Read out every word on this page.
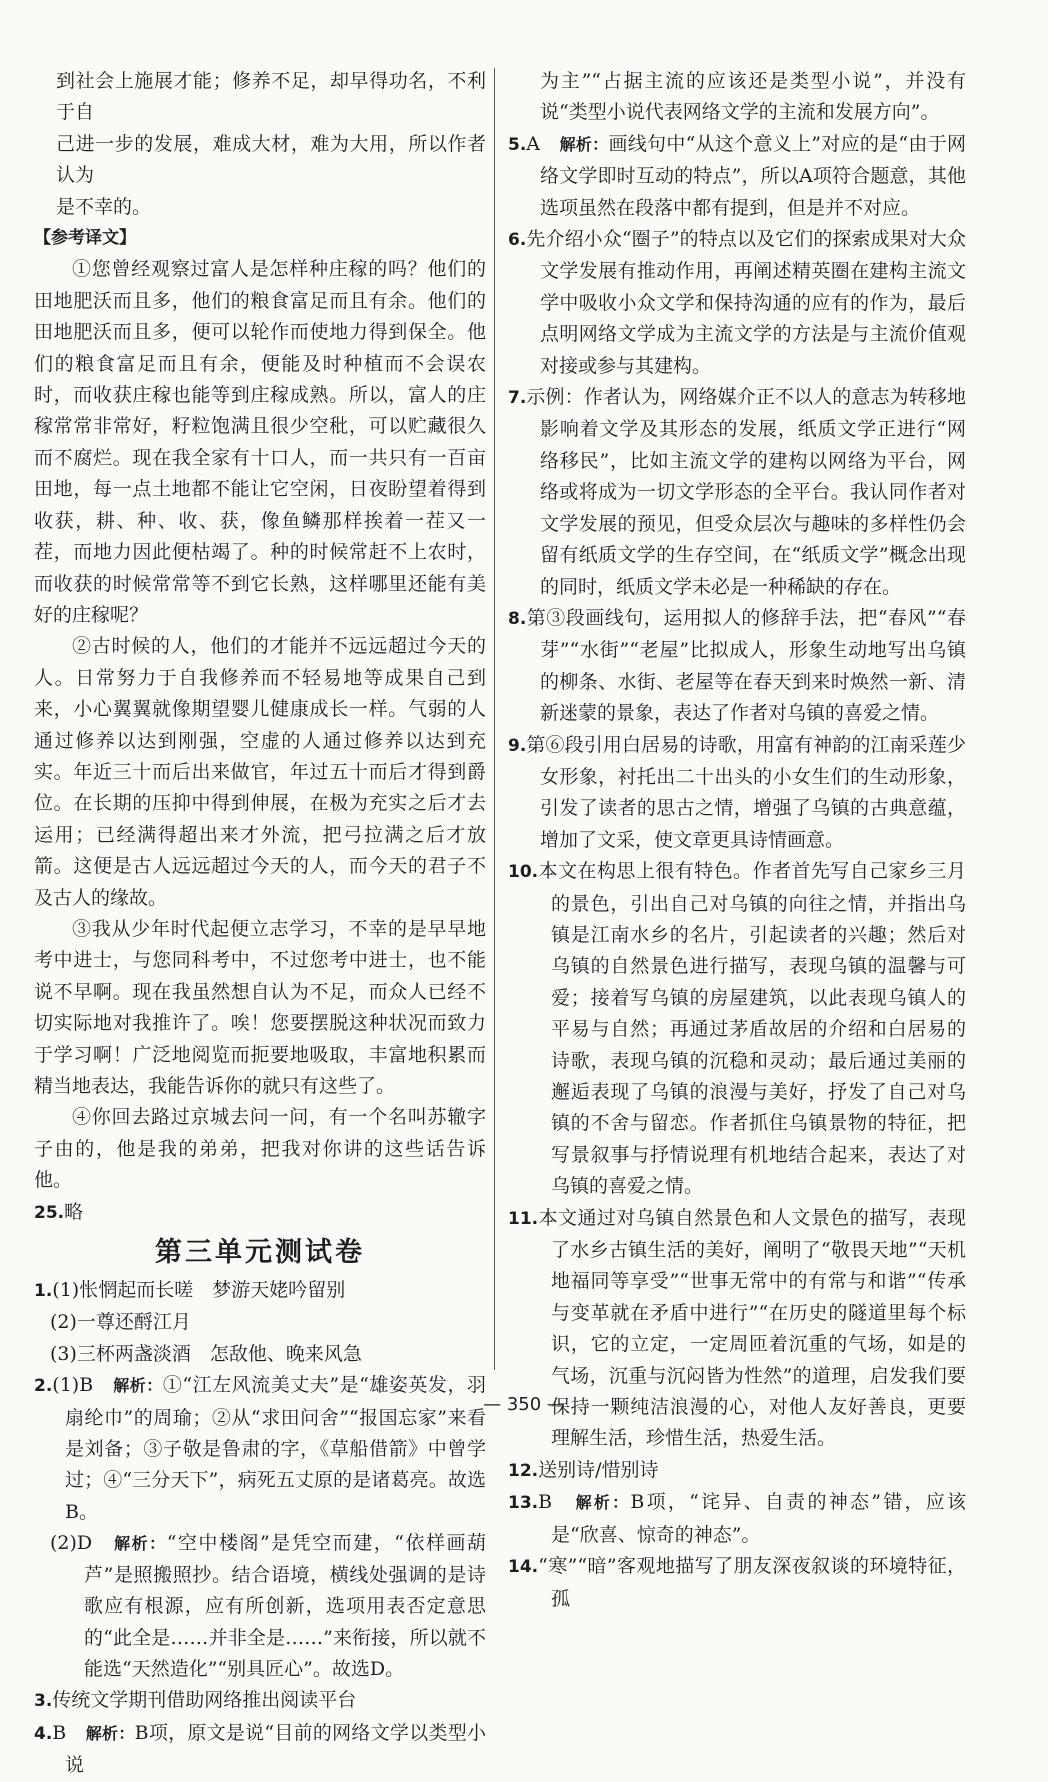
到社会上施展才能；修养不足，却早得功名，不利于自

己进一步的发展，难成大材，难为大用，所以作者认为

是不幸的。

【参考译文】

①您曾经观察过富人是怎样种庄稼的吗？他们的田地肥沃而且多，他们的粮食富足而且有余。他们的田地肥沃而且多，便可以轮作而使地力得到保全。他们的粮食富足而且有余，便能及时种植而不会误农时，而收获庄稼也能等到庄稼成熟。所以，富人的庄稼常常非常好，籽粒饱满且很少空秕，可以贮藏很久而不腐烂。现在我全家有十口人，而一共只有一百亩田地，每一点土地都不能让它空闲，日夜盼望着得到收获，耕、种、收、获，像鱼鳞那样挨着一茬又一茬，而地力因此便枯竭了。种的时候常赶不上农时，而收获的时候常常等不到它长熟，这样哪里还能有美好的庄稼呢？

②古时候的人，他们的才能并不远远超过今天的人。日常努力于自我修养而不轻易地等成果自己到来，小心翼翼就像期望婴儿健康成长一样。气弱的人通过修养以达到刚强，空虚的人通过修养以达到充实。年近三十而后出来做官，年过五十而后才得到爵位。在长期的压抑中得到伸展，在极为充实之后才去运用；已经满得超出来才外流，把弓拉满之后才放箭。这便是古人远远超过今天的人，而今天的君子不及古人的缘故。

③我从少年时代起便立志学习，不幸的是早早地考中进士，与您同科考中，不过您考中进士，也不能说不早啊。现在我虽然想自认为不足，而众人已经不切实际地对我推许了。唉！您要摆脱这种状况而致力于学习啊！广泛地阅览而扼要地吸取，丰富地积累而精当地表达，我能告诉你的就只有这些了。

④你回去路过京城去问一问，有一个名叫苏辙字子由的，他是我的弟弟，把我对你讲的这些话告诉他。

25.略

第三单元测试卷

1.(1)怅惘起而长嗟　梦游天姥吟留别

(2)一尊还酹江月

(3)三杯两盏淡酒　怎敌他、晚来风急

2.(1)B　 解析：①“江左风流美丈夫”是“雄姿英发，羽扇纶巾”的周瑜；②从“求田问舍”“报国忘家”来看是刘备；③子敬是鲁肃的字，《草船借箭》中曾学过；④“三分天下”，病死五丈原的是诸葛亮。故选B。

(2)D　 解析：“空中楼阁”是凭空而建，“依样画葫芦”是照搬照抄。结合语境，横线处强调的是诗歌应有根源，应有所创新，选项用表否定意思的“此全是……并非全是……”来衔接，所以就不能选“天然造化”“别具匠心”。故选D。

3.传统文学期刊借助网络推出阅读平台

4.B　 解析：B项，原文是说“目前的网络文学以类型小说

为主”“占据主流的应该还是类型小说”，并没有说“类型小说代表网络文学的主流和发展方向”。

5.A　 解析：画线句中“从这个意义上”对应的是“由于网络文学即时互动的特点”，所以A项符合题意，其他选项虽然在段落中都有提到，但是并不对应。

6.先介绍小众“圈子”的特点以及它们的探索成果对大众文学发展有推动作用，再阐述精英圈在建构主流文学中吸收小众文学和保持沟通的应有的作为，最后点明网络文学成为主流文学的方法是与主流价值观对接或参与其建构。

7.示例：作者认为，网络媒介正不以人的意志为转移地影响着文学及其形态的发展，纸质文学正进行“网络移民”，比如主流文学的建构以网络为平台，网络或将成为一切文学形态的全平台。我认同作者对文学发展的预见，但受众层次与趣味的多样性仍会留有纸质文学的生存空间，在“纸质文学”概念出现的同时，纸质文学未必是一种稀缺的存在。

8.第③段画线句，运用拟人的修辞手法，把“春风”“春芽”“水街”“老屋”比拟成人，形象生动地写出乌镇的柳条、水街、老屋等在春天到来时焕然一新、清新迷蒙的景象，表达了作者对乌镇的喜爱之情。

9.第⑥段引用白居易的诗歌，用富有神韵的江南采莲少女形象，衬托出二十出头的小女生们的生动形象，引发了读者的思古之情，增强了乌镇的古典意蕴，增加了文采，使文章更具诗情画意。

10.本文在构思上很有特色。作者首先写自己家乡三月的景色，引出自己对乌镇的向往之情，并指出乌镇是江南水乡的名片，引起读者的兴趣；然后对乌镇的自然景色进行描写，表现乌镇的温馨与可爱；接着写乌镇的房屋建筑，以此表现乌镇人的平易与自然；再通过茅盾故居的介绍和白居易的诗歌，表现乌镇的沉稳和灵动；最后通过美丽的邂逅表现了乌镇的浪漫与美好，抒发了自己对乌镇的不舍与留恋。作者抓住乌镇景物的特征，把写景叙事与抒情说理有机地结合起来，表达了对乌镇的喜爱之情。

11.本文通过对乌镇自然景色和人文景色的描写，表现了水乡古镇生活的美好，阐明了“敬畏天地”“天机地福同等享受”“世事无常中的有常与和谐”“传承与变革就在矛盾中进行”“在历史的隧道里每个标识，它的立定，一定周匝着沉重的气场，如是的气场，沉重与沉闷皆为性然”的道理，启发我们要保持一颗纯洁浪漫的心，对他人友好善良，更要理解生活，珍惜生活，热爱生活。

12.送别诗/惜别诗

13.B　 解析：B项，“诧异、自责的神态”错，应该是“欣喜、惊奇的神态”。

14.“寒”“暗”客观地描写了朋友深夜叙谈的环境特征，孤

— 350 —
